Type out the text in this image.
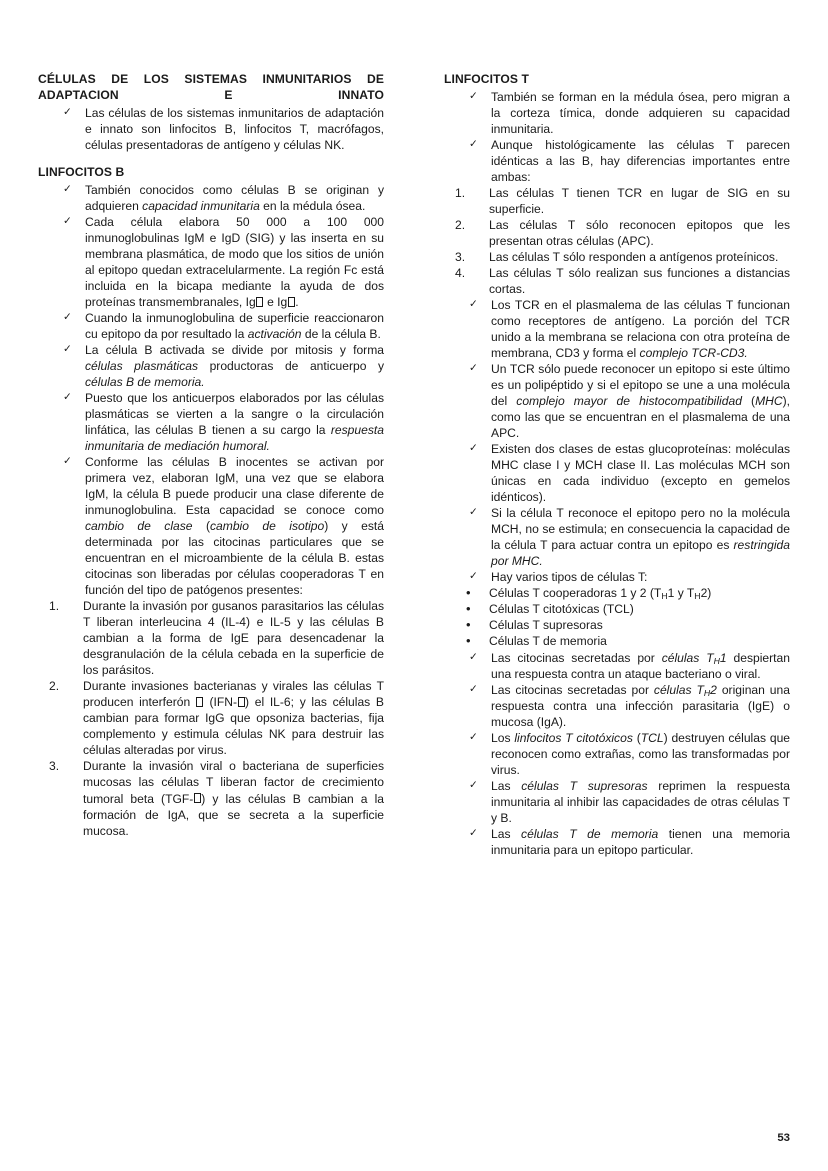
CÉLULAS DE LOS SISTEMAS INMUNITARIOS DE ADAPTACION E INNATO
✓ Las células de los sistemas inmunitarios de adaptación e innato son linfocitos B, linfocitos T, macrófagos, células presentadoras de antígeno y células NK.
LINFOCITOS B
✓ También conocidos como células B se originan y adquieren capacidad inmunitaria en la médula ósea.
✓ Cada célula elabora 50 000 a 100 000 inmunoglobulinas IgM e IgD (SIG) y las inserta en su membrana plasmática, de modo que los sitios de unión al epitopo quedan extracelularmente. La región Fc está incluida en la bicapa mediante la ayuda de dos proteínas transmembranales, Ig e Ig .
✓ Cuando la inmunoglobulina de superficie reaccionaron cu epitopo da por resultado la activación de la célula B.
✓ La célula B activada se divide por mitosis y forma células plasmáticas productoras de anticuerpo y células B de memoria.
✓ Puesto que los anticuerpos elaborados por las células plasmáticas se vierten a la sangre o la circulación linfática, las células B tienen a su cargo la respuesta inmunitaria de mediación humoral.
✓ Conforme las células B inocentes se activan por primera vez, elaboran IgM, una vez que se elabora IgM, la célula B puede producir una clase diferente de inmunoglobulina. Esta capacidad se conoce como cambio de clase (cambio de isotipo) y está determinada por las citocinas particulares que se encuentran en el microambiente de la célula B. estas citocinas son liberadas por células cooperadoras T en función del tipo de patógenos presentes:
1.	Durante la invasión por gusanos parasitarios las células T liberan interleucina 4 (IL-4) e IL-5 y las células B cambian a la forma de IgE para desencadenar la desgranulación de la célula cebada en la superficie de los parásitos.
2.	Durante invasiones bacterianas y virales las células T producen interferón  (IFN- ) el IL-6; y las células B cambian para formar IgG que opsoniza bacterias, fija complemento y estimula células NK para destruir las células alteradas por virus.
3.	Durante la invasión viral o bacteriana de superficies mucosas las células T liberan factor de crecimiento tumoral beta (TGF- ) y las células B cambian a la formación de IgA, que se secreta a la superficie mucosa.
LINFOCITOS T
✓ También se forman en la médula ósea, pero migran a la corteza tímica, donde adquieren su capacidad inmunitaria.
✓ Aunque histológicamente las células T parecen idénticas a las B, hay diferencias importantes entre ambas:
1.	Las células T tienen TCR en lugar de SIG en su superficie.
2.	Las células T sólo reconocen epitopos que les presentan otras células (APC).
3.	Las células T sólo responden a antígenos proteínicos.
4.	Las células T sólo realizan sus funciones a distancias cortas.
✓ Los TCR en el plasmalema de las células T funcionan como receptores de antígeno. La porción del TCR unido a la membrana se relaciona con otra proteína de membrana, CD3 y forma el complejo TCR-CD3.
✓ Un TCR sólo puede reconocer un epitopo si este último es un polipéptido y si el epitopo se une a una molécula del complejo mayor de histocompatibilidad (MHC), como las que se encuentran en el plasmalema de una APC.
✓ Existen dos clases de estas glucoproteínas: moléculas MHC clase I y MCH clase II. Las moléculas MCH son únicas en cada individuo (excepto en gemelos idénticos).
✓ Si la célula T reconoce el epitopo pero no la molécula MCH, no se estimula; en consecuencia la capacidad de la célula T para actuar contra un epitopo es restringida por MHC.
✓ Hay varios tipos de células T:
• Células T cooperadoras 1 y 2 ($T_H1$ y $T_H2$)
• Células T citotóxicas (TCL)
• Células T supresoras
• Células T de memoria
✓ Las citocinas secretadas por células $T_H1$ despiertan una respuesta contra un ataque bacteriano o viral.
✓ Las citocinas secretadas por células $T_H2$ originan una respuesta contra una infección parasitaria (IgE) o mucosa (IgA).
✓ Los linfocitos T citotóxicos (TCL) destruyen células que reconocen como extrañas, como las transformadas por virus.
✓ Las células T supresoras reprimen la respuesta inmunitaria al inhibir las capacidades de otras células T y B.
✓ Las células T de memoria tienen una memoria inmunitaria para un epitopo particular.
53
